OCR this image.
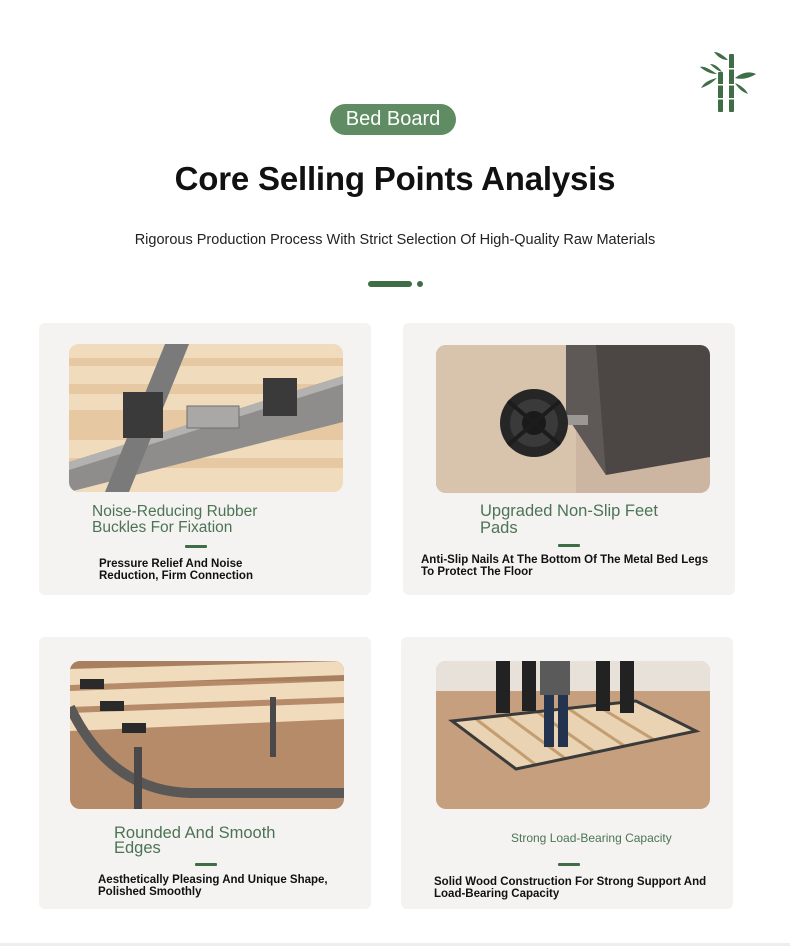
Bed Board
Core Selling Points Analysis
Rigorous Production Process With Strict Selection Of High-Quality Raw Materials
Noise-Reducing Rubber
Buckles For Fixation
Pressure Relief And Noise
Reduction, Firm Connection
Upgraded Non-Slip Feet
Pads
Anti-Slip Nails At The Bottom Of The Metal Bed Legs
To Protect The Floor
Rounded And Smooth
Edges
Aesthetically Pleasing And Unique Shape,
Polished Smoothly
Strong Load-Bearing Capacity
Solid Wood Construction For Strong Support And
Load-Bearing Capacity
